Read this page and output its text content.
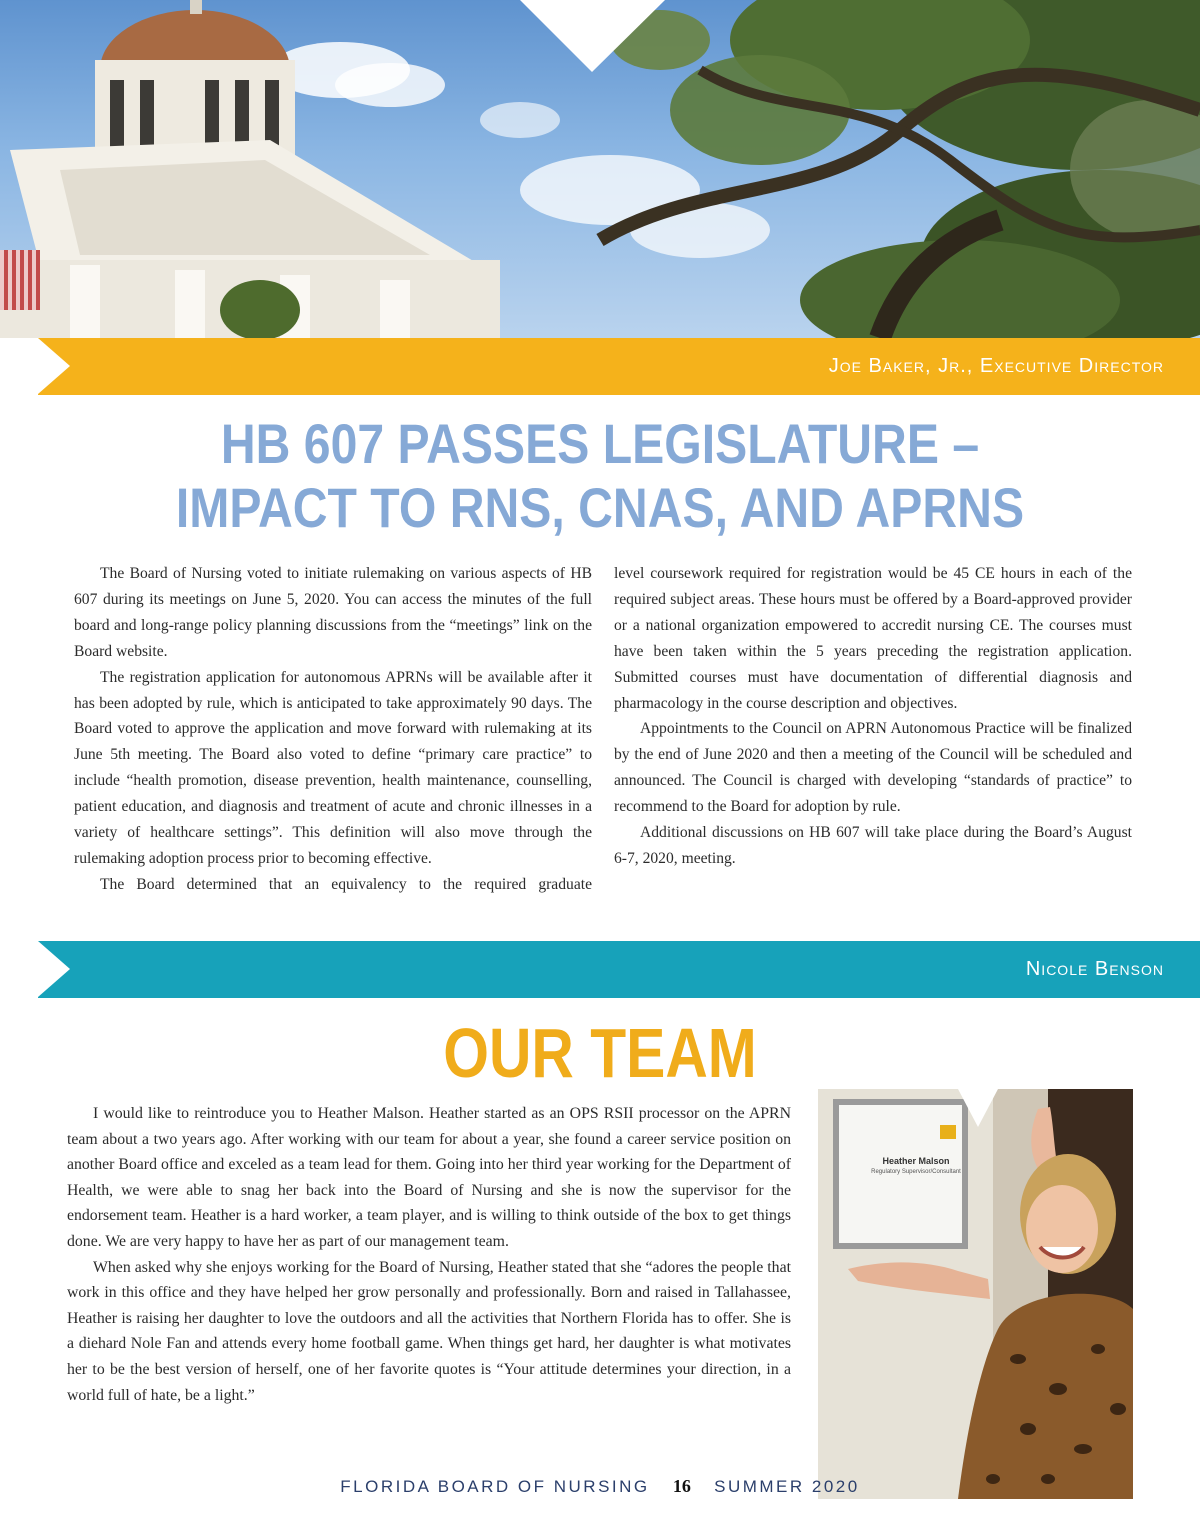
Joe Baker, Jr., Executive Director
HB 607 PASSES LEGISLATURE –
IMPACT TO RNS, CNAS, AND APRNS

The Board of Nursing voted to initiate rulemaking on various aspects of HB 607 during its meetings on June 5, 2020. You can access the minutes of the full board and long-range policy planning discussions from the “meetings” link on the Board website.

The registration application for autonomous APRNs will be available after it has been adopted by rule, which is anticipated to take approximately 90 days. The Board voted to approve the application and move forward with rulemaking at its June 5th meeting. The Board also voted to define “primary care practice” to include “health promotion, disease prevention, health maintenance, counselling, patient education, and diagnosis and treatment of acute and chronic illnesses in a variety of healthcare settings”. This definition will also move through the rulemaking adoption process prior to becoming effective.

The Board determined that an equivalency to the required graduate

level coursework required for registration would be 45 CE hours in each of the required subject areas. These hours must be offered by a Board-approved provider or a national organization empowered to accredit nursing CE. The courses must have been taken within the 5 years preceding the registration application. Submitted courses must have documentation of differential diagnosis and pharmacology in the course description and objectives.

Appointments to the Council on APRN Autonomous Practice will be finalized by the end of June 2020 and then a meeting of the Council will be scheduled and announced. The Council is charged with developing “standards of practice” to recommend to the Board for adoption by rule.

Additional discussions on HB 607 will take place during the Board’s August 6-7, 2020, meeting.

Nicole Benson
OUR TEAM

I would like to reintroduce you to Heather Malson. Heather started as an OPS RSII processor on the APRN team about a two years ago. After working with our team for about a year, she found a career service position on another Board office and exceled as a team lead for them. Going into her third year working for the Department of Health, we were able to snag her back into the Board of Nursing and she is now the supervisor for the endorsement team. Heather is a hard worker, a team player, and is willing to think outside of the box to get things done. We are very happy to have her as part of our management team.

When asked why she enjoys working for the Board of Nursing, Heather stated that she “adores the people that work in this office and they have helped her grow personally and professionally. Born and raised in Tallahassee, Heather is raising her daughter to love the outdoors and all the activities that Northern Florida has to offer. She is a diehard Nole Fan and attends every home football game. When things get hard, her daughter is what motivates her to be the best version of herself, one of her favorite quotes is “Your attitude determines your direction, in a world full of hate, be a light.”

Heather Malson
Regulatory Supervisor/Consultant
FLORIDA BOARD OF NURSING 16 SUMMER 2020
